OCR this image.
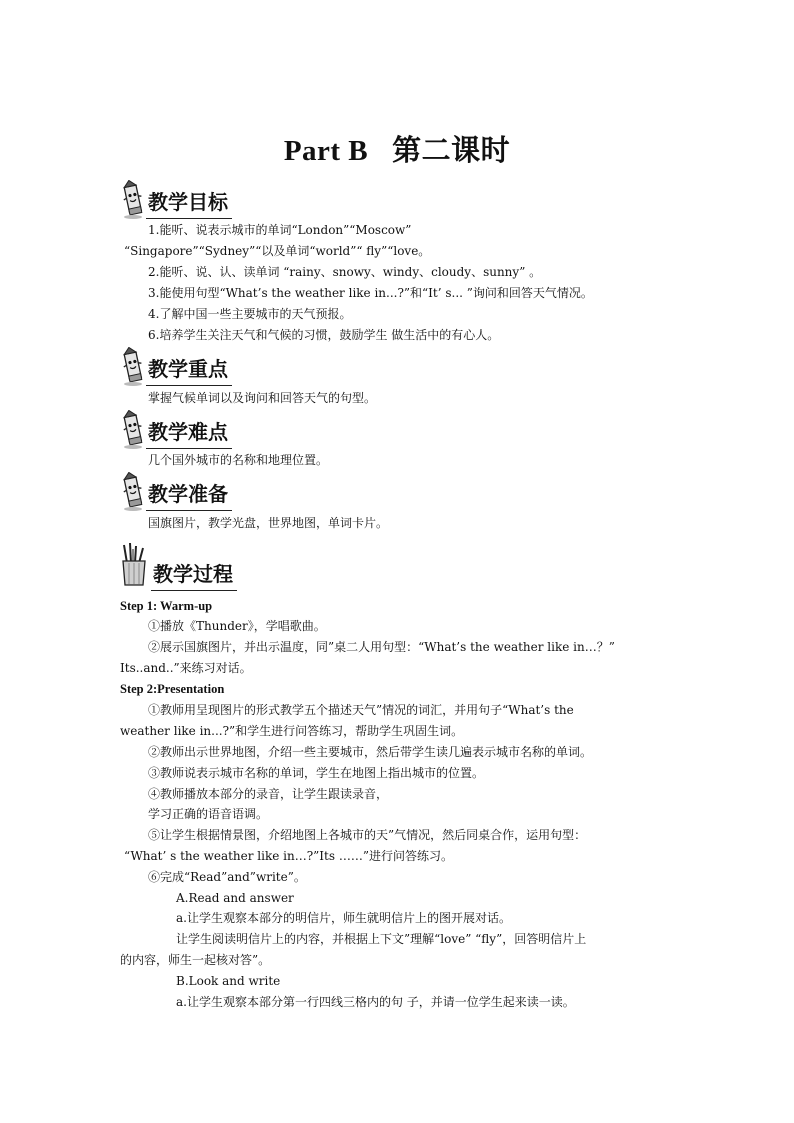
Part B 第二课时
教学目标
1.能听、说表示城市的单词“London”“Moscow”
“Singapore”“Sydney”“以及单词“world”“ fly”“love。
2.能听、说、认、读单词 “rainy、snowy、windy、cloudy、sunny” 。
3.能使用句型“What’s the weather like in...?”和“It’ s... ”询问和回答天气情况。
4.了解中国一些主要城市的天气预报。
6.培养学生关注天气和气候的习惯，鼓励学生 做生活中的有心人。
教学重点
掌握气候单词以及询问和回答天气的句型。
教学难点
几个国外城市的名称和地理位置。
教学准备
国旗图片，教学光盘，世界地图，单词卡片。
教学过程
Step 1: Warm-up
①播放《Thunder》，学唱歌曲。
②展示国旗图片，并出示温度，同”桌二人用句型：“What’s the weather like in…？”
Its..and..”来练习对话。
Step 2:Presentation
①教师用呈现图片的形式教学五个描述天气”情况的词汇，并用句子“What’s the
weather like in...?”和学生进行问答练习，帮助学生巩固生词。
②教师出示世界地图，介绍一些主要城市，然后带学生读几遍表示城市名称的单词。
③教师说表示城市名称的单词，学生在地图上指出城市的位置。
④教师播放本部分的录音，让学生跟读录音，
学习正确的语音语调。
⑤让学生根据情景图，介绍地图上各城市的天”气情况，然后同桌合作，运用句型：
“What’ s the weather like in…?”Its ……”进行问答练习。
⑥完成“Read”and”write”。
A.Read and answer
a.让学生观察本部分的明信片，师生就明信片上的图开展对话。
让学生阅读明信片上的内容，并根据上下文”理解“love” “fly”，回答明信片上
的内容，师生一起核对答”。
B.Look and write
a.让学生观察本部分第一行四线三格内的句 子，并请一位学生起来读一读。
